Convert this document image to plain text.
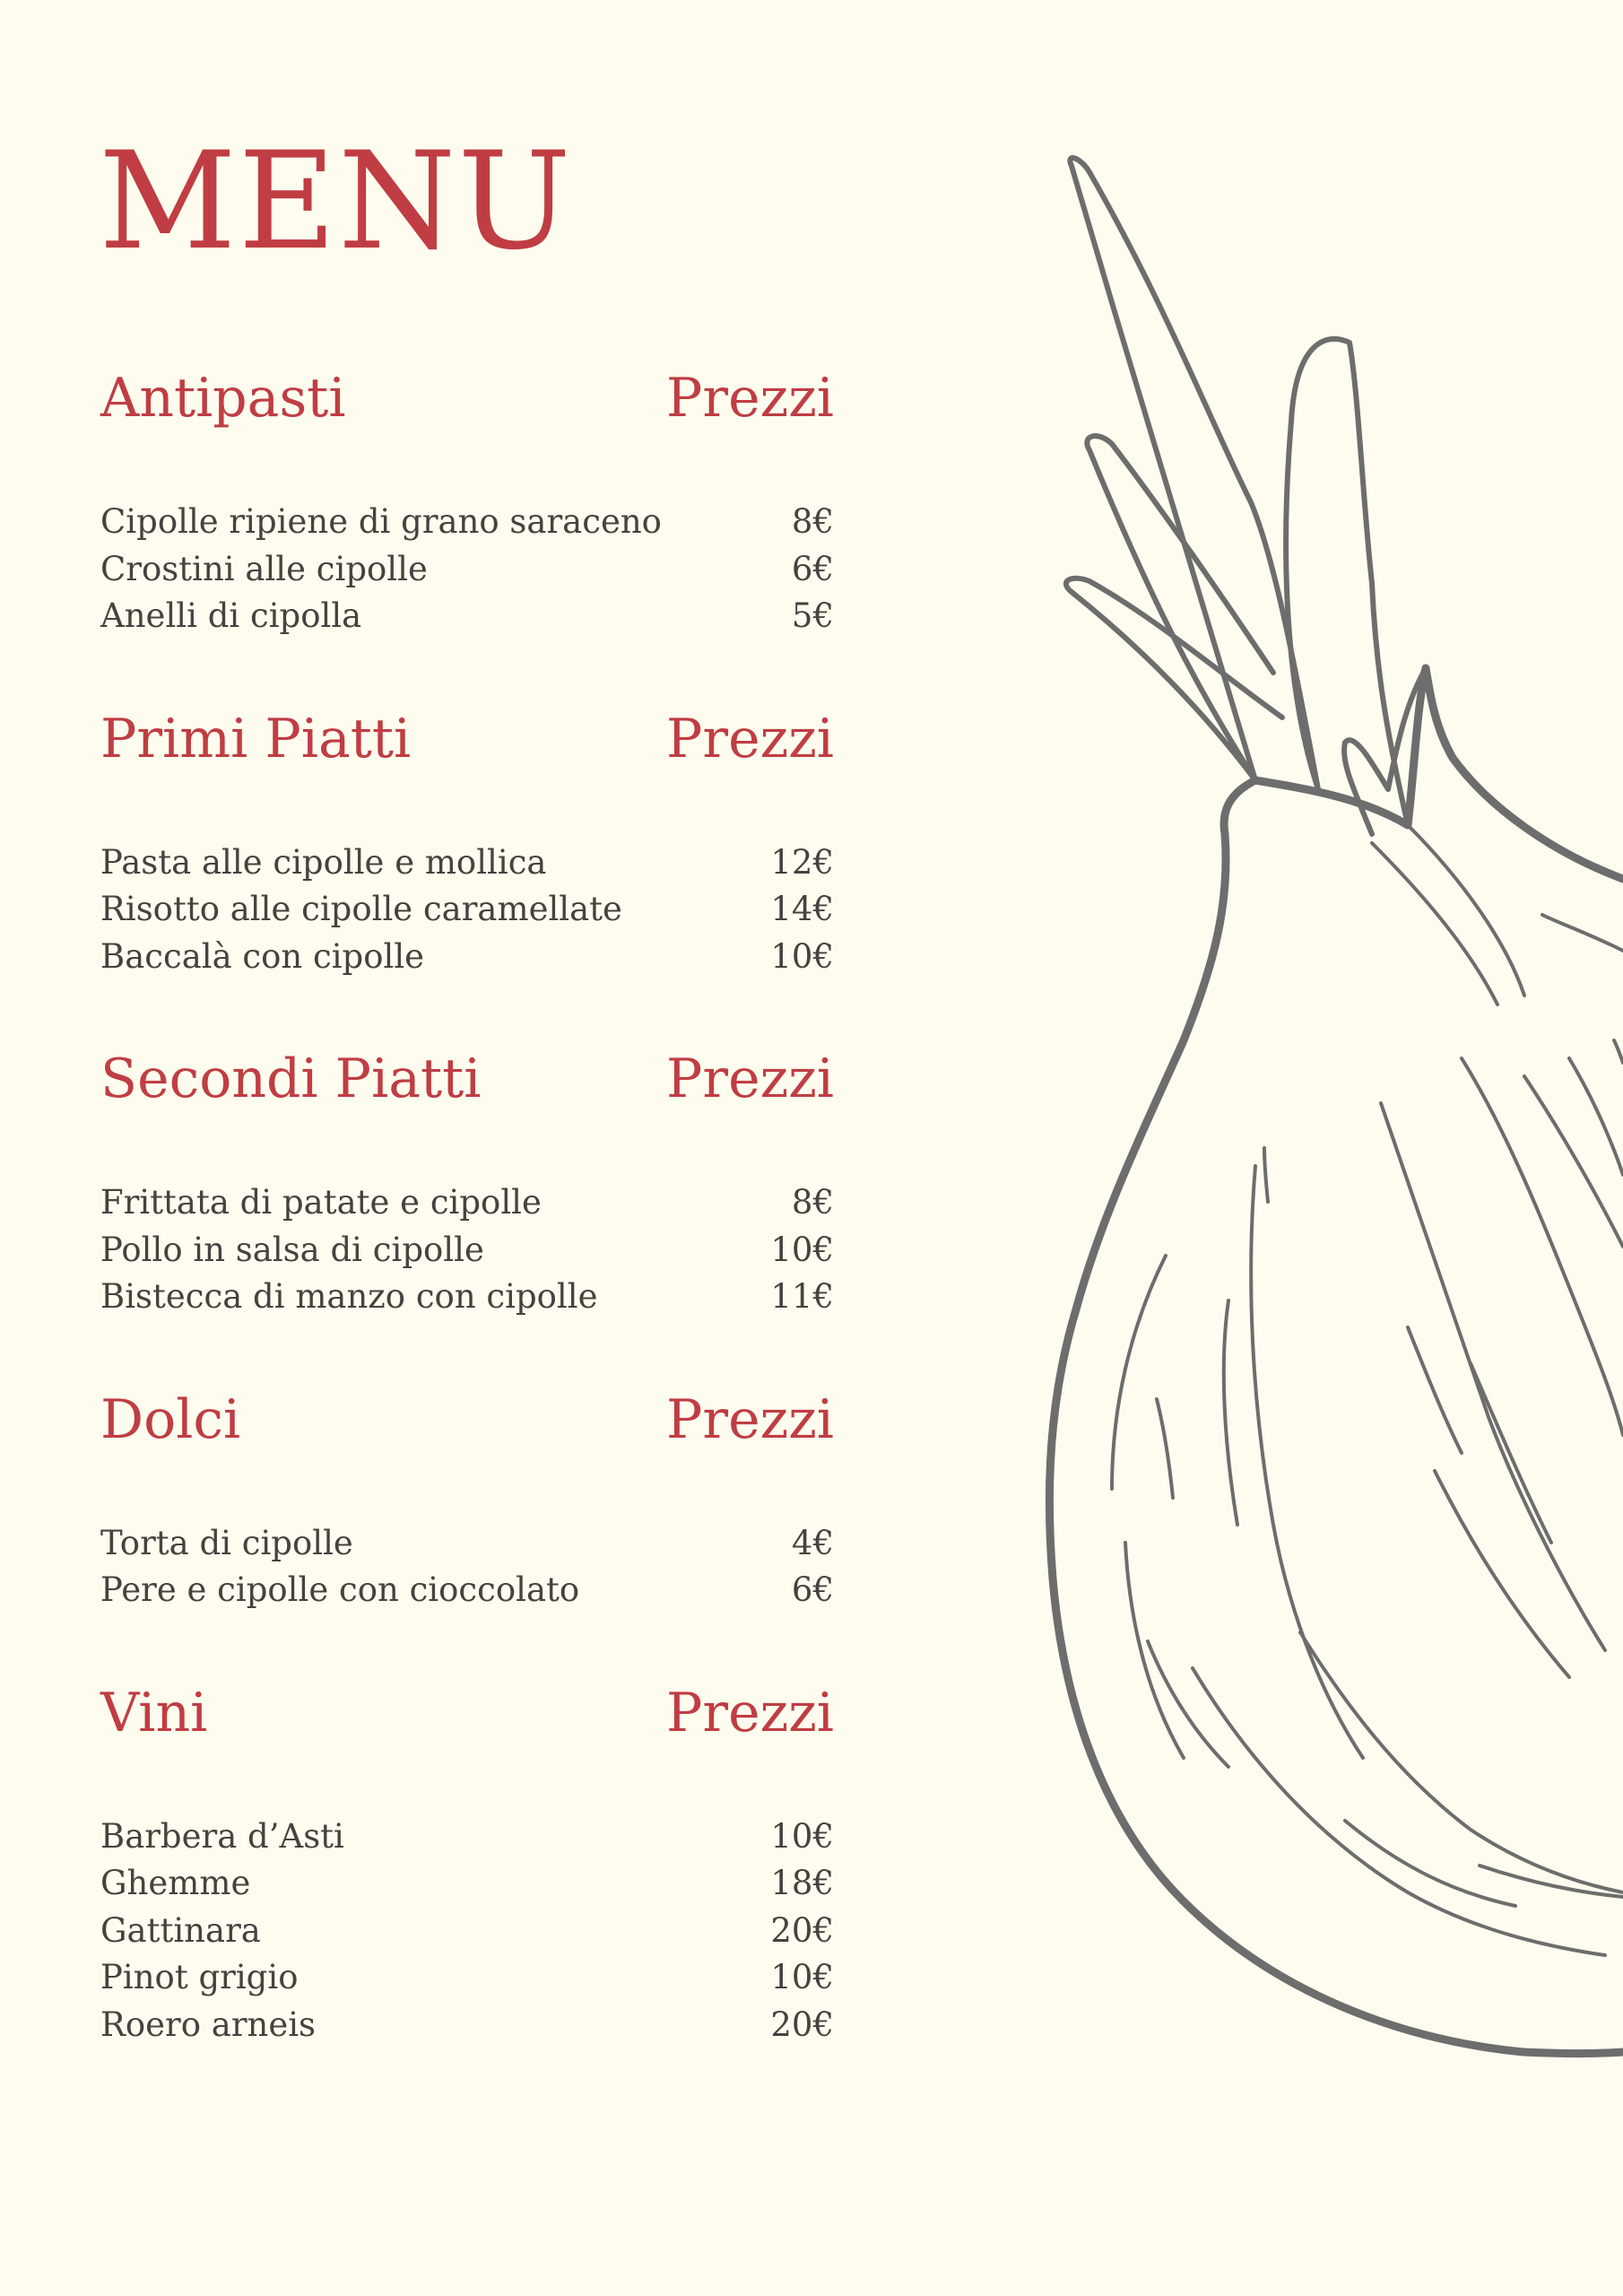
MENU
Antipasti	Prezzi
Cipolle ripiene di grano saraceno	8€
Crostini alle cipolle	6€
Anelli di cipolla	5€
Primi Piatti	Prezzi
Pasta alle cipolle e mollica	12€
Risotto alle cipolle caramellate	14€
Baccalà con cipolle	10€
Secondi Piatti	Prezzi
Frittata di patate e cipolle	8€
Pollo in salsa di cipolle	10€
Bistecca di manzo con cipolle	11€
Dolci	Prezzi
Torta di cipolle	4€
Pere e cipolle con cioccolato	6€
Vini	Prezzi
Barbera d’Asti	10€
Ghemme	18€
Gattinara	20€
Pinot grigio	10€
Roero arneis	20€
